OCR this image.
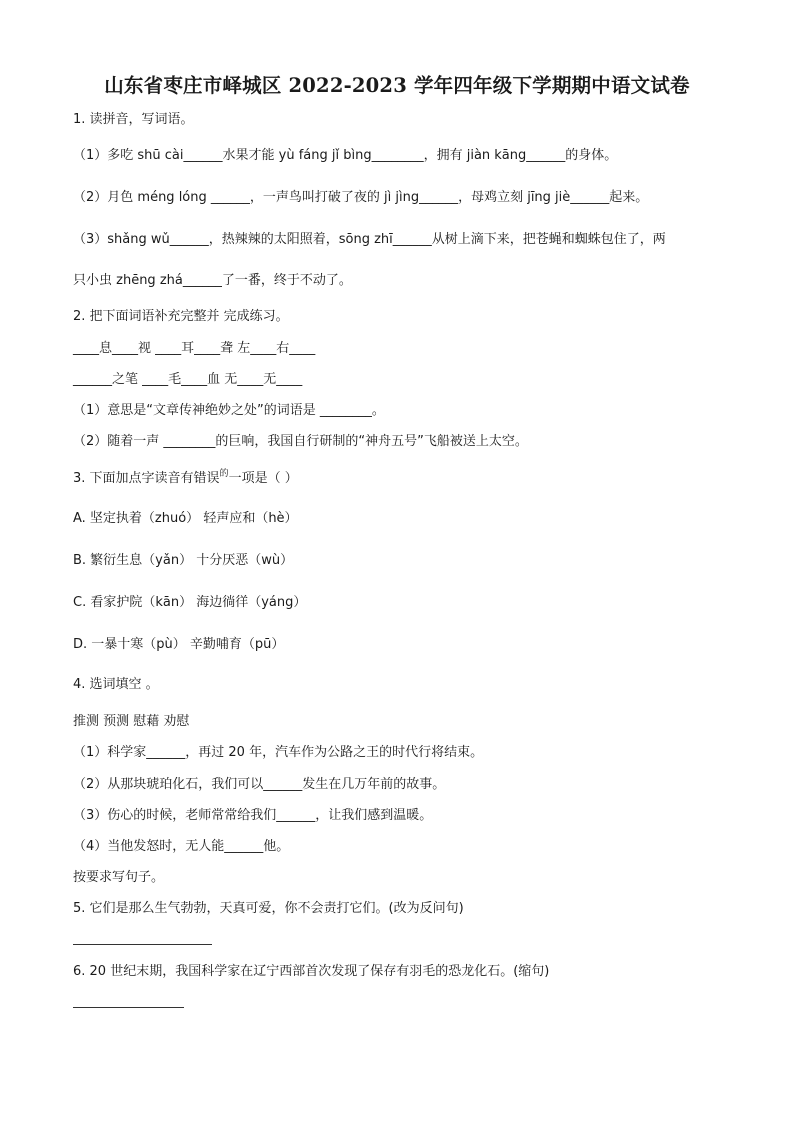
山东省枣庄市峄城区 2022-2023 学年四年级下学期期中语文试卷
1. 读拼音，写词语。
（1）多吃 shū cài______水果才能 yù fáng jǐ bìng________，拥有 jiàn kāng______的身体。
（2）月色 méng lóng ______，一声鸟叫打破了夜的 jì jìng______，母鸡立刻 jīng jiè______起来。
（3）shǎng wǔ______，热辣辣的太阳照着，sōng zhī______从树上滴下来，把苍蝇和蜘蛛包住了，两
只小虫 zhēng zhá______了一番，终于不动了。
2. 把下面词语补充完整并 完成练习。
____息____视 ____耳____聋 左____右____
______之笔 ____毛____血 无____无____
（1）意思是“文章传神绝妙之处”的词语是 ________。
（2）随着一声 ________的巨响，我国自行研制的“神舟五号”飞船被送上太空。
3. 下面加点字读音有错误$^的$一项是（ ）
A. 坚定执着（zhuó） 轻声应和（hè）
B. 繁衍生息（yǎn） 十分厌恶（wù）
C. 看家护院（kān） 海边徜徉（yáng）
D. 一暴十寒（pù） 辛勤哺育（pū）
4. 选词填空 。
推测 预测 慰藉 劝慰
（1）科学家______，再过 20 年，汽车作为公路之王的时代行将结束。
（2）从那块琥珀化石，我们可以______发生在几万年前的故事。
（3）伤心的时候，老师常常给我们______，让我们感到温暖。
（4）当他发怒时，无人能______他。
按要求写句子。
5. 它们是那么生气勃勃，天真可爱，你不会责打它们。(改为反问句)
6. 20 世纪末期，我国科学家在辽宁西部首次发现了保存有羽毛的恐龙化石。(缩句)
